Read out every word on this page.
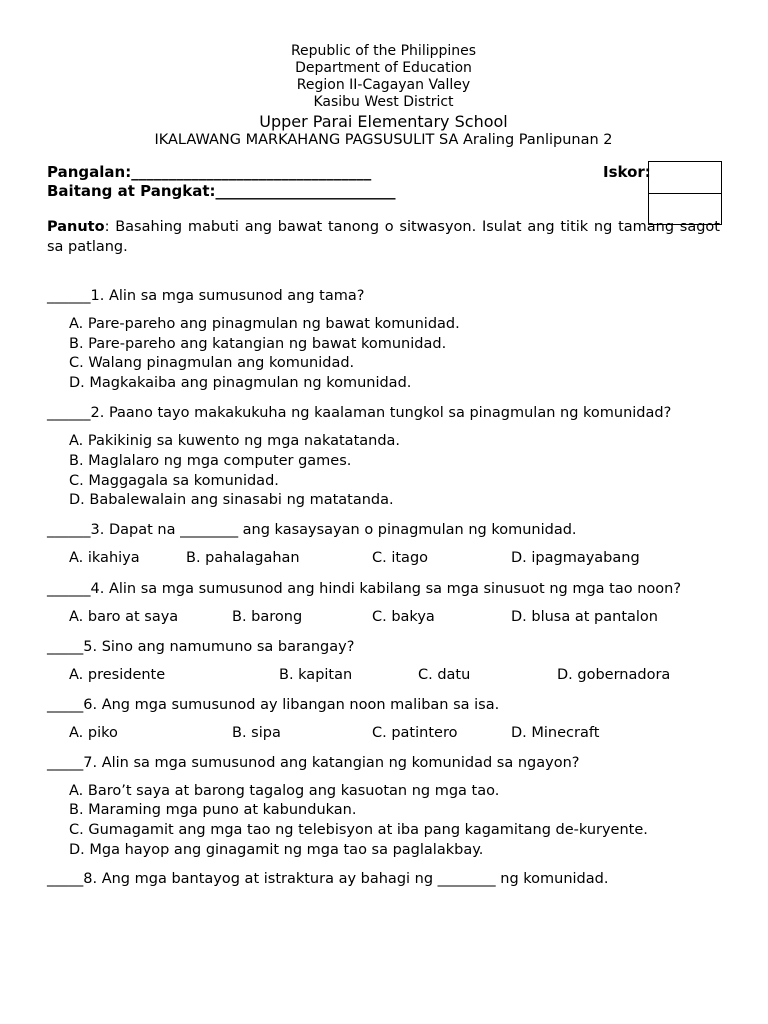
Republic of the Philippines
Department of Education
Region II-Cagayan Valley
Kasibu West District
Upper Parai Elementary School
IKALAWANG MARKAHANG PAGSUSULIT SA Araling Panlipunan 2
Pangalan:________________________________
Baitang at Pangkat:________________________
Iskor:
Panuto: Basahing mabuti ang bawat tanong o sitwasyon. Isulat ang titik ng tamang sagot sa patlang.
______1. Alin sa mga sumusunod ang tama?
A. Pare-pareho ang pinagmulan ng bawat komunidad.
B. Pare-pareho ang katangian ng bawat komunidad.
C. Walang pinagmulan ang komunidad.
D. Magkakaiba ang pinagmulan ng komunidad.
______2. Paano tayo makakukuha ng kaalaman tungkol sa pinagmulan ng komunidad?
A. Pakikinig sa kuwento ng mga nakatatanda.
B. Maglalaro ng mga computer games.
C. Maggagala sa komunidad.
D. Babalewalain ang sinasabi ng matatanda.
______3. Dapat na ________ ang kasaysayan o pinagmulan ng komunidad.
A. ikahiya	B. pahalagahan	C. itago	D. ipagmayabang
______4. Alin sa mga sumusunod ang hindi kabilang sa mga sinusuot ng mga tao noon?
A. baro at saya	B. barong	C. bakya	D. blusa at pantalon
_____5. Sino ang namumuno sa barangay?
A. presidente	B. kapitan	C. datu	D. gobernadora
_____6. Ang mga sumusunod ay libangan noon maliban sa isa.
A. piko	B. sipa	C. patintero	D. Minecraft
_____7. Alin sa mga sumusunod ang katangian ng komunidad sa ngayon?
A. Baro’t saya at barong tagalog ang kasuotan ng mga tao.
B. Maraming mga puno at kabundukan.
C. Gumagamit ang mga tao ng telebisyon at iba pang kagamitang de-kuryente.
D. Mga hayop ang ginagamit ng mga tao sa paglalakbay.
_____8. Ang mga bantayog at istraktura ay bahagi ng ________ ng komunidad.
